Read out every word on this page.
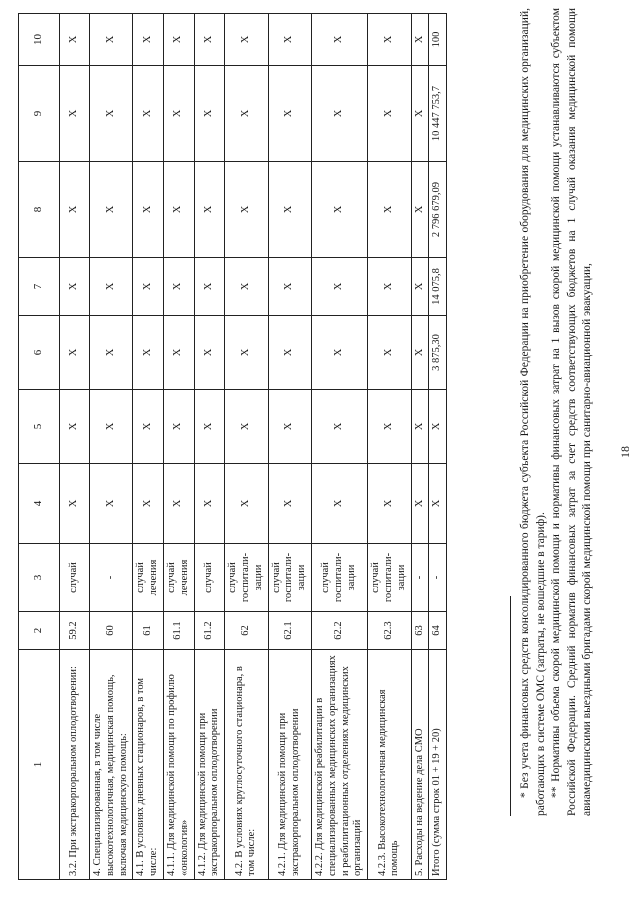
1	2	3	4	5	6	7	8	9	10
3.2. При экстракорпоральном оплодотворении:	59.2	случай	X	X	X	X	X	X	X
4. Специализированная, в том числе высокотехнологичная, медицинская помощь, включая медицинскую помощь:	60	-	X	X	X	X	X	X	X
4.1. В условиях дневных стационаров, в том числе:	61	случай лечения	X	X	X	X	X	X	X
4.1.1. Для медицинской помощи по профилю «онкология»	61.1	случай лечения	X	X	X	X	X	X	X
4.1.2. Для медицинской помощи при экстракорпоральном оплодотворении	61.2	случай	X	X	X	X	X	X	X
4.2. В условиях круглосуточного стационара, в том числе:	62	случай госпитали-зации	X	X	X	X	X	X	X
4.2.1. Для медицинской помощи при экстракорпоральном оплодотворении	62.1	случай госпитали-зации	X	X	X	X	X	X	X
4.2.2. Для медицинской реабилитации в специализированных медицинских организациях и реабилитационных отделениях медицинских организаций	62.2	случай госпитали-зации	X	X	X	X	X	X	X
4.2.3. Высокотехнологичная медицинская помощь	62.3	случай госпитали-зации	X	X	X	X	X	X	X
5. Расходы на ведение дела СМО	63	-	X	X	X	X	X	X	X
Итого (сумма строк 01 + 19 + 20)	64	-	X	X	3 875,30	14 075,8	2 796 679,09	10 447 753,7	100	* Без учета финансовых средств консолидированного бюджета субъекта Российской Федерации на приобретение оборудования для медицинских организаций, работающих в системе ОМС (затраты, не вошедшие в тариф). ** Нормативы объема скорой медицинской помощи и нормативы финансовых затрат на 1 вызов скорой медицинской помощи устанавливаются субъектом Российской Федерации. Средний норматив финансовых затрат за счет средств соответствующих бюджетов на 1 случай оказания медицинской помощи авиамедицинскими выездными бригадами скорой медицинской помощи при санитарно-авиационной эвакуации, 18
